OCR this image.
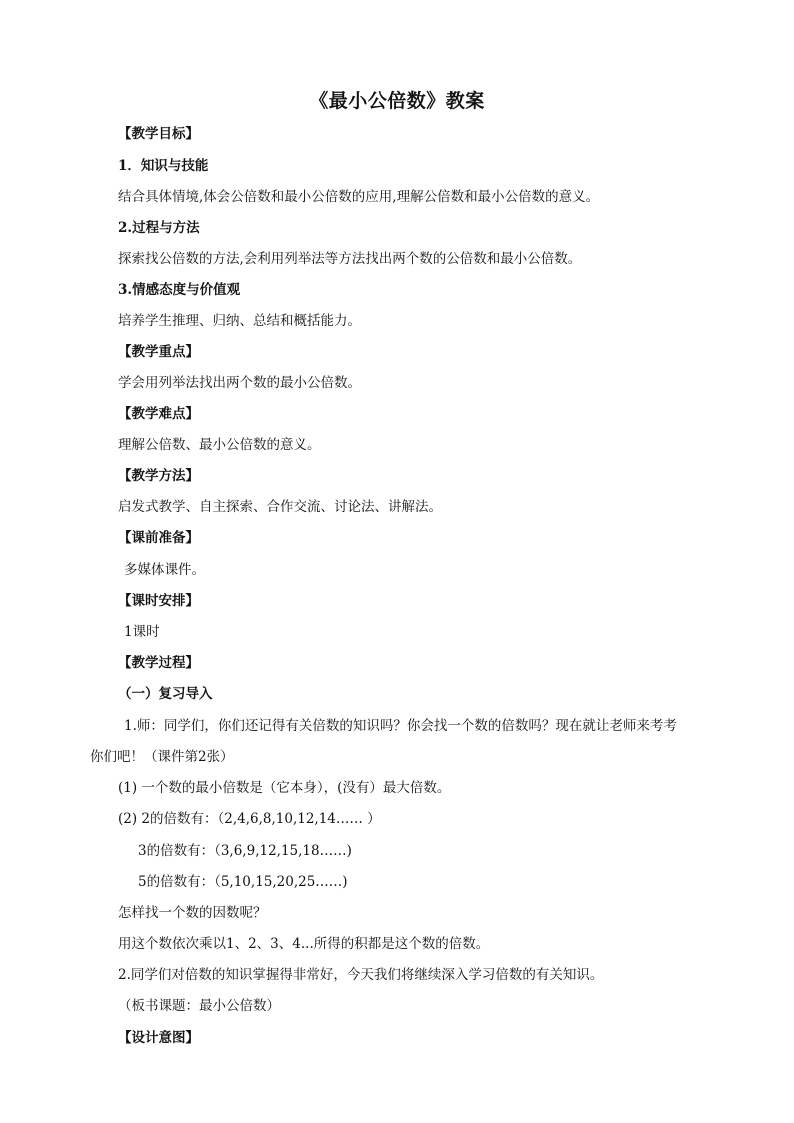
《最小公倍数》教案
【教学目标】
1．知识与技能
结合具体情境,体会公倍数和最小公倍数的应用,理解公倍数和最小公倍数的意义。
2.过程与方法
探索找公倍数的方法,会利用列举法等方法找出两个数的公倍数和最小公倍数。
3.情感态度与价值观
培养学生推理、归纳、总结和概括能力。
【教学重点】
学会用列举法找出两个数的最小公倍数。
【教学难点】
理解公倍数、最小公倍数的意义。
【教学方法】
启发式教学、自主探索、合作交流、讨论法、讲解法。
【课前准备】
多媒体课件。
【课时安排】
1课时
【教学过程】
（一）复习导入
1.师：同学们，你们还记得有关倍数的知识吗？你会找一个数的倍数吗？现在就让老师来考考
你们吧！（课件第2张）
(1) 一个数的最小倍数是（它本身），(没有）最大倍数。
(2) 2的倍数有：（2,4,6,8,10,12,14…… ）
3的倍数有：（3,6,9,12,15,18……)
5的倍数有：（5,10,15,20,25……)
怎样找一个数的因数呢？
用这个数依次乘以1、2、3、4...所得的积都是这个数的倍数。
2.同学们对倍数的知识掌握得非常好，今天我们将继续深入学习倍数的有关知识。
（板书课题：最小公倍数）
【设计意图】
